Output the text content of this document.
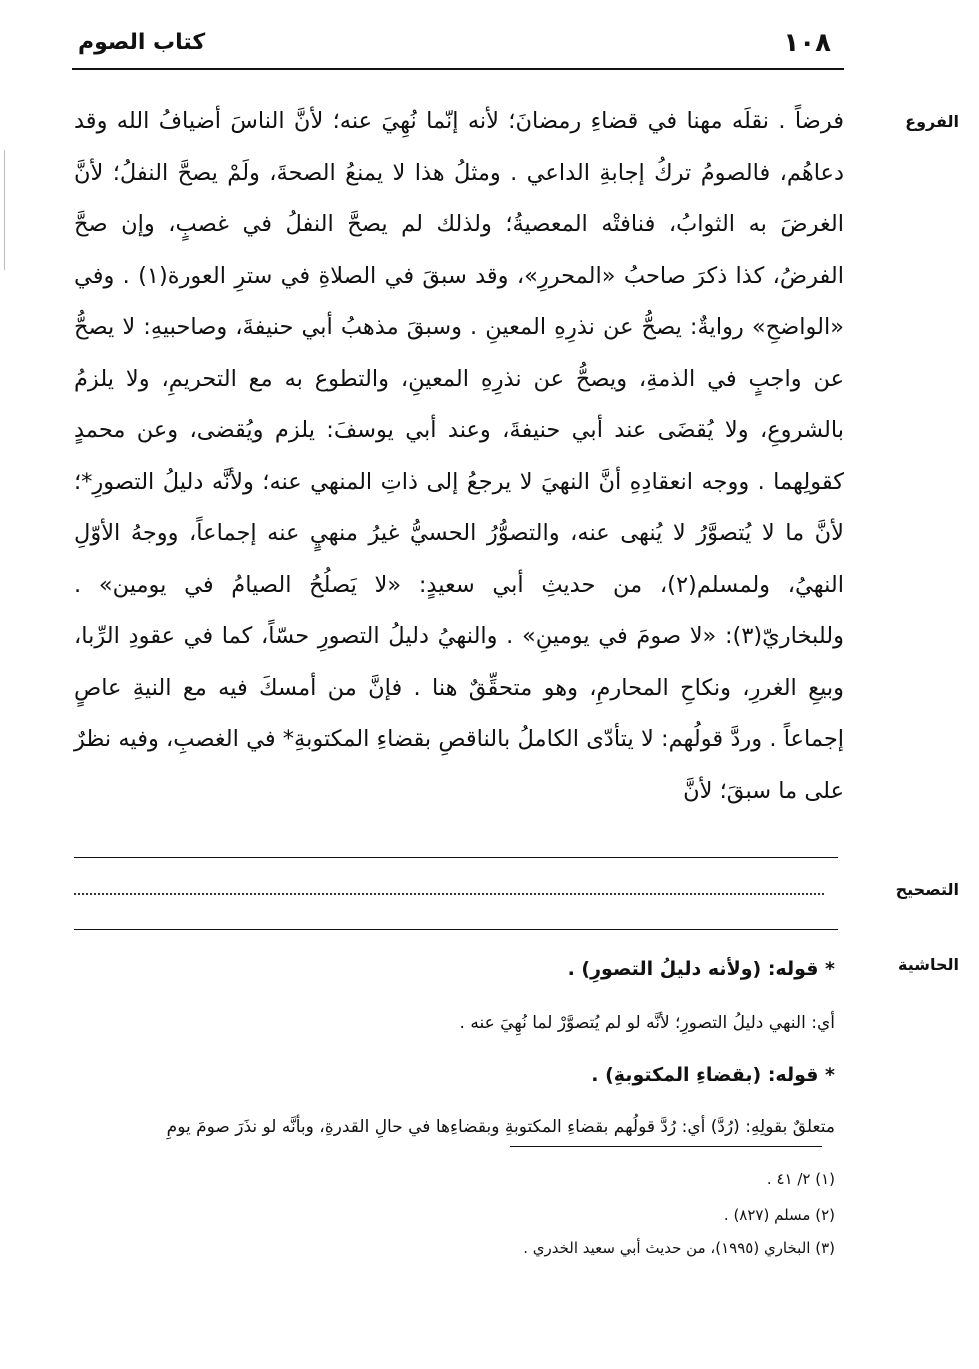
كتاب الصوم	١٠٨
الفروع

فرضاً . نقلَه مهنا في قضاءِ رمضانَ؛ لأنه إنّما نُهِيَ عنه؛ لأنَّ الناسَ أضيافُ الله وقد دعاهُم، فالصومُ تركُ إجابةِ الداعي . ومثلُ هذا لا يمنعُ الصحةَ، ولَمْ يصحَّ النفلُ؛ لأنَّ الغرضَ به الثوابُ، فنافتْه المعصيةُ؛ ولذلك لم يصحَّ النفلُ في غصبٍ، وإن صحَّ الفرضُ، كذا ذكرَ صاحبُ «المحررِ»، وقد سبقَ في الصلاةِ في سترِ العورة(١) . وفي «الواضحِ» روايةٌ: يصحُّ عن نذرِهِ المعينِ . وسبقَ مذهبُ أبي حنيفةَ، وصاحبيهِ: لا يصحُّ عن واجبٍ في الذمةِ، ويصحُّ عن نذرِهِ المعينِ، والتطوع به مع التحريمِ، ولا يلزمُ بالشروعِ، ولا يُقضَى عند أبي حنيفةَ، وعند أبي يوسفَ: يلزم ويُقضى، وعن محمدٍ كقولِهما . ووجه انعقادِهِ أنَّ النهيَ لا يرجعُ إلى ذاتِ المنهي عنه؛ ولأنَّه دليلُ التصورِ*؛ لأنَّ ما لا يُتصوَّرُ لا يُنهى عنه، والتصوُّرُ الحسيُّ غيرُ منهيٍ عنه إجماعاً، ووجهُ الأوّلِ النهيُ، ولمسلم(٢)، من حديثِ أبي سعيدٍ: «لا يَصلُحُ الصيامُ في يومين» . وللبخاريّ(٣): «لا صومَ في يومينِ» . والنهيُ دليلُ التصورِ حسّاً، كما في عقودِ الرِّبا، وبيعِ الغررِ، ونكاحِ المحارمِ، وهو متحقِّقٌ هنا . فإنَّ من أمسكَ فيه مع النيةِ عاصٍ إجماعاً . وردَّ قولُهم: لا يتأدّى الكاملُ بالناقصِ بقضاءِ المكتوبةِ* في الغصبِ، وفيه نظرٌ على ما سبقَ؛ لأنَّ

التصحيح
الحاشية
* قوله: (ولأنه دليلُ التصورِ) .
أي: النهي دليلُ التصورِ؛ لأنَّه لو لم يُتصوَّرْ لما نُهِيَ عنه .
* قوله: (بقضاءِ المكتوبةِ) .
متعلقٌ بقولِهِ: (رُدَّ) أي: رُدَّ قولُهم بقضاءِ المكتوبةِ وبقضاءِها في حالِ القدرةِ، وبأنَّه لو نذَرَ صومَ يومِ
(١) ٢/ ٤١ .
(٢) مسلم (٨٢٧) .
(٣) البخاري (١٩٩٥)، من حديث أبي سعيد الخدري .
